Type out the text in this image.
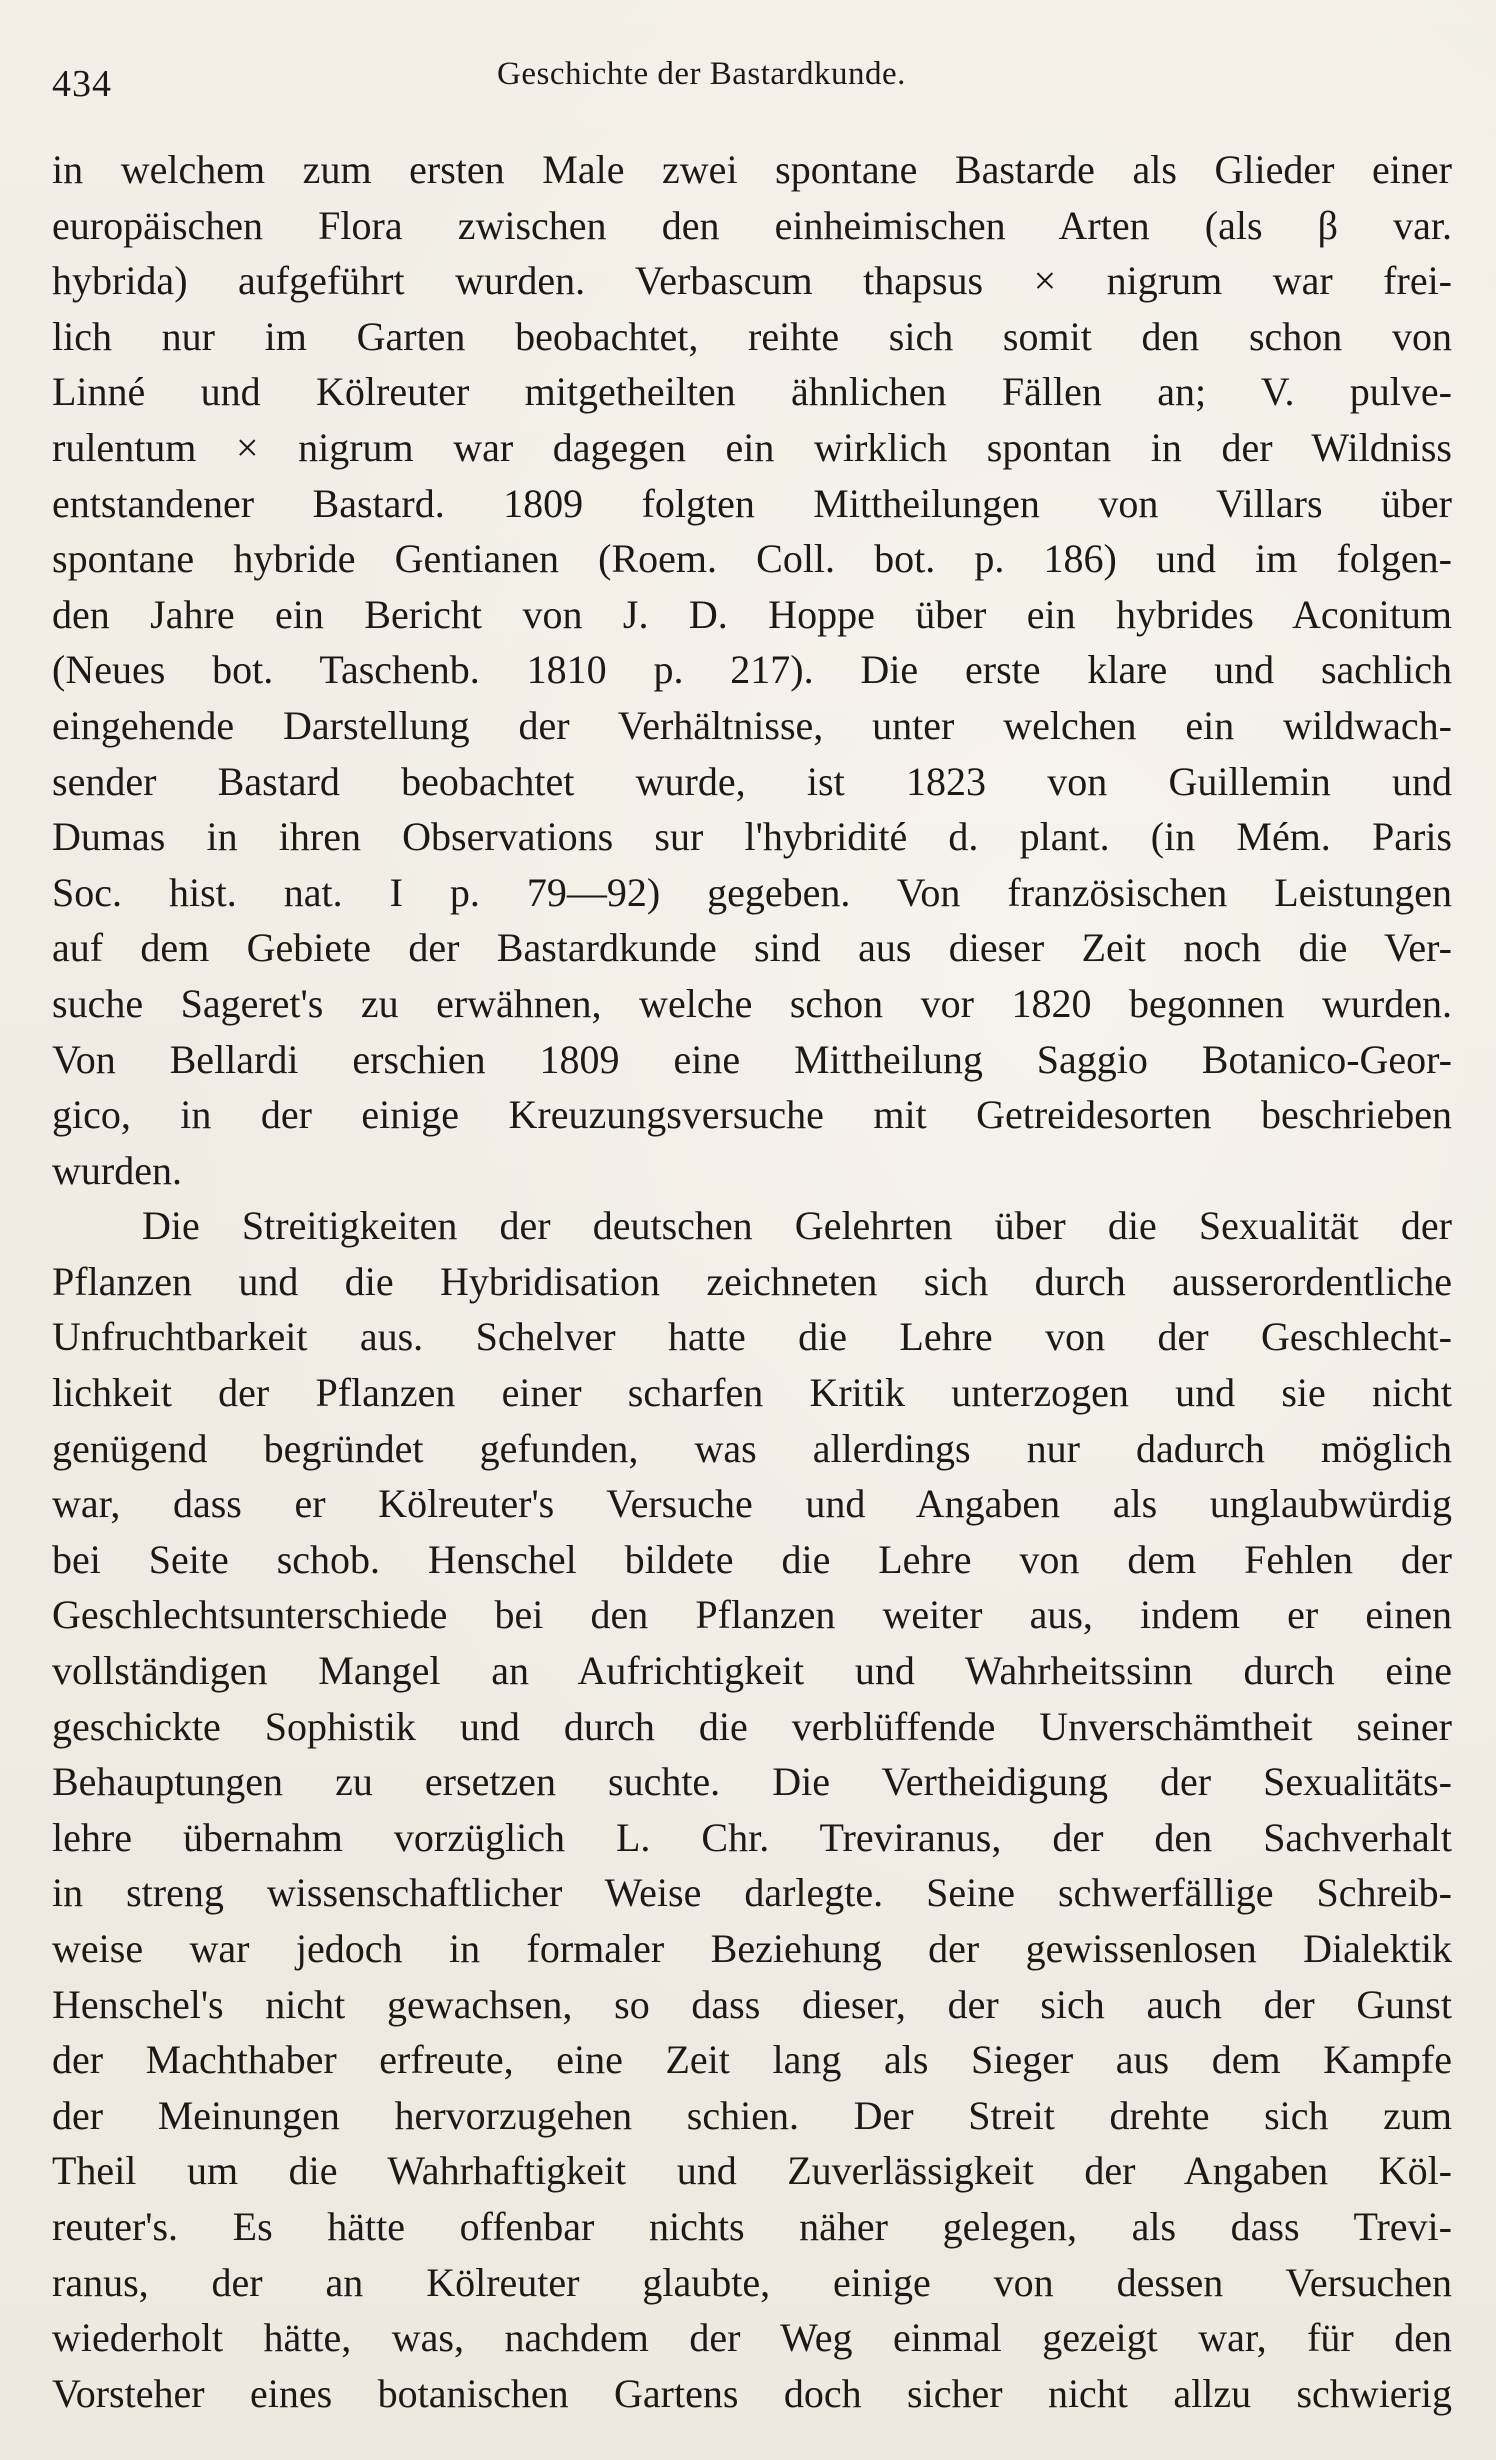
434	Geschichte der Bastardkunde.
in welchem zum ersten Male zwei spontane Bastarde als Glieder einer
europäischen Flora zwischen den einheimischen Arten (als β var.
hybrida) aufgeführt wurden. Verbascum thapsus × nigrum war frei-
lich nur im Garten beobachtet, reihte sich somit den schon von
Linné und Kölreuter mitgetheilten ähnlichen Fällen an; V. pulve-
rulentum × nigrum war dagegen ein wirklich spontan in der Wildniss
entstandener Bastard. 1809 folgten Mittheilungen von Villars über
spontane hybride Gentianen (Roem. Coll. bot. p. 186) und im folgen-
den Jahre ein Bericht von J. D. Hoppe über ein hybrides Aconitum
(Neues bot. Taschenb. 1810 p. 217). Die erste klare und sachlich
eingehende Darstellung der Verhältnisse, unter welchen ein wildwach-
sender Bastard beobachtet wurde, ist 1823 von Guillemin und
Dumas in ihren Observations sur l'hybridité d. plant. (in Mém. Paris
Soc. hist. nat. I p. 79—92) gegeben. Von französischen Leistungen
auf dem Gebiete der Bastardkunde sind aus dieser Zeit noch die Ver-
suche Sageret's zu erwähnen, welche schon vor 1820 begonnen wurden.
Von Bellardi erschien 1809 eine Mittheilung Saggio Botanico-Geor-
gico, in der einige Kreuzungsversuche mit Getreidesorten beschrieben
wurden.
Die Streitigkeiten der deutschen Gelehrten über die Sexualität der
Pflanzen und die Hybridisation zeichneten sich durch ausserordentliche
Unfruchtbarkeit aus. Schelver hatte die Lehre von der Geschlecht-
lichkeit der Pflanzen einer scharfen Kritik unterzogen und sie nicht
genügend begründet gefunden, was allerdings nur dadurch möglich
war, dass er Kölreuter's Versuche und Angaben als unglaubwürdig
bei Seite schob. Henschel bildete die Lehre von dem Fehlen der
Geschlechtsunterschiede bei den Pflanzen weiter aus, indem er einen
vollständigen Mangel an Aufrichtigkeit und Wahrheitssinn durch eine
geschickte Sophistik und durch die verblüffende Unverschämtheit seiner
Behauptungen zu ersetzen suchte. Die Vertheidigung der Sexualitäts-
lehre übernahm vorzüglich L. Chr. Treviranus, der den Sachverhalt
in streng wissenschaftlicher Weise darlegte. Seine schwerfällige Schreib-
weise war jedoch in formaler Beziehung der gewissenlosen Dialektik
Henschel's nicht gewachsen, so dass dieser, der sich auch der Gunst
der Machthaber erfreute, eine Zeit lang als Sieger aus dem Kampfe
der Meinungen hervorzugehen schien. Der Streit drehte sich zum
Theil um die Wahrhaftigkeit und Zuverlässigkeit der Angaben Köl-
reuter's. Es hätte offenbar nichts näher gelegen, als dass Trevi-
ranus, der an Kölreuter glaubte, einige von dessen Versuchen
wiederholt hätte, was, nachdem der Weg einmal gezeigt war, für den
Vorsteher eines botanischen Gartens doch sicher nicht allzu schwierig
